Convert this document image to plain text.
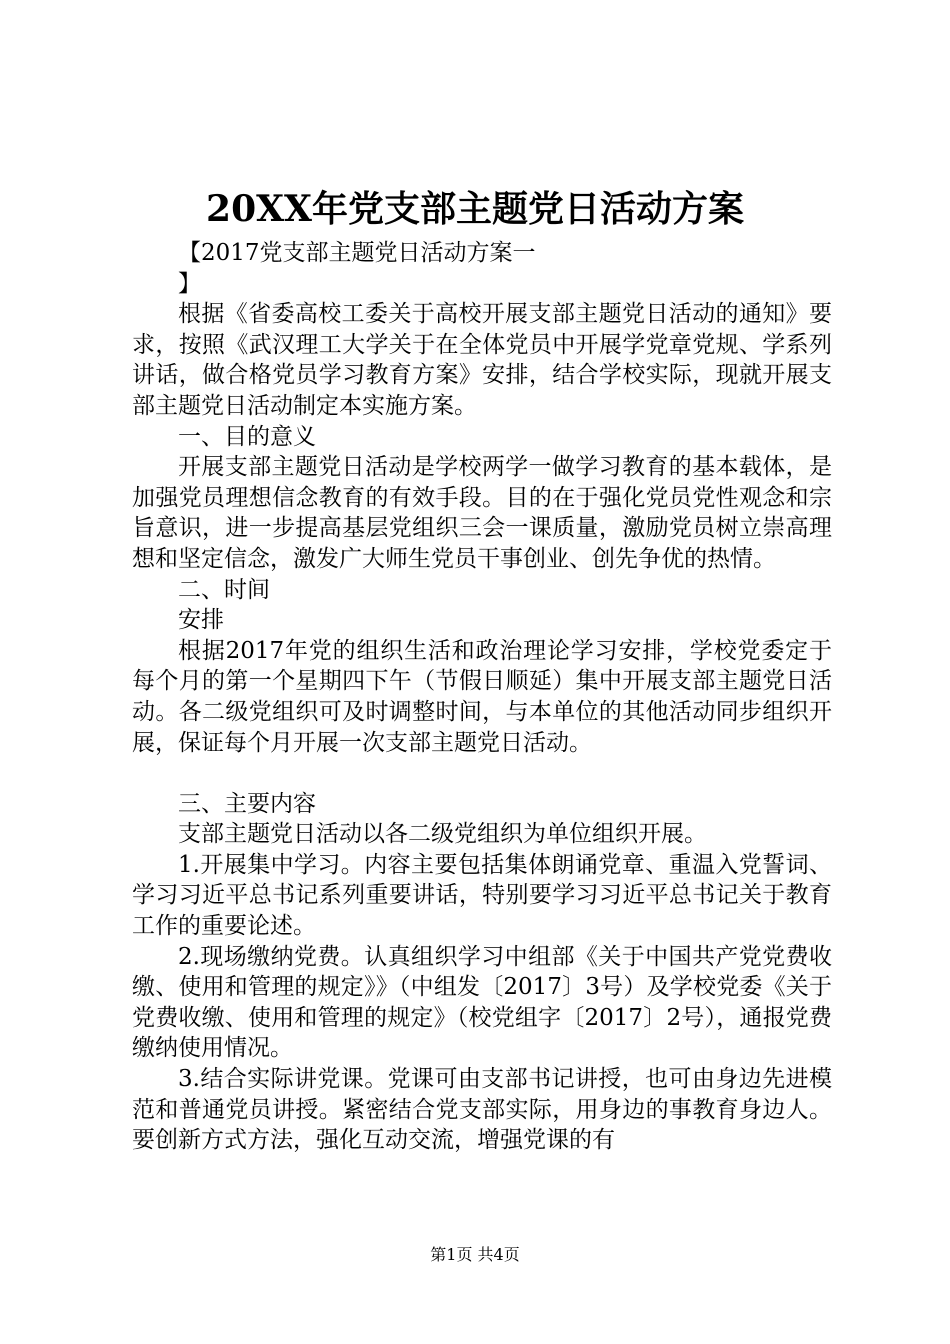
20XX年党支部主题党日活动方案

【2017党支部主题党日活动方案一

】

根据《省委高校工委关于高校开展支部主题党日活动的通知》要求，按照《武汉理工大学关于在全体党员中开展学党章党规、学系列讲话，做合格党员学习教育方案》安排，结合学校实际，现就开展支部主题党日活动制定本实施方案。

一、目的意义

开展支部主题党日活动是学校两学一做学习教育的基本载体，是加强党员理想信念教育的有效手段。目的在于强化党员党性观念和宗旨意识，进一步提高基层党组织三会一课质量，激励党员树立崇高理想和坚定信念，激发广大师生党员干事创业、创先争优的热情。

二、时间

安排

根据2017年党的组织生活和政治理论学习安排，学校党委定于每个月的第一个星期四下午（节假日顺延）集中开展支部主题党日活动。各二级党组织可及时调整时间，与本单位的其他活动同步组织开展，保证每个月开展一次支部主题党日活动。

三、主要内容

支部主题党日活动以各二级党组织为单位组织开展。

1.开展集中学习。内容主要包括集体朗诵党章、重温入党誓词、学习习近平总书记系列重要讲话，特别要学习习近平总书记关于教育工作的重要论述。

2.现场缴纳党费。认真组织学习中组部《关于中国共产党党费收缴、使用和管理的规定》》（中组发〔2017〕3号）及学校党委《关于党费收缴、使用和管理的规定》（校党组字〔2017〕2号），通报党费缴纳使用情况。

3.结合实际讲党课。党课可由支部书记讲授，也可由身边先进模范和普通党员讲授。紧密结合党支部实际，用身边的事教育身边人。要创新方式方法，强化互动交流，增强党课的有

第1页 共4页
